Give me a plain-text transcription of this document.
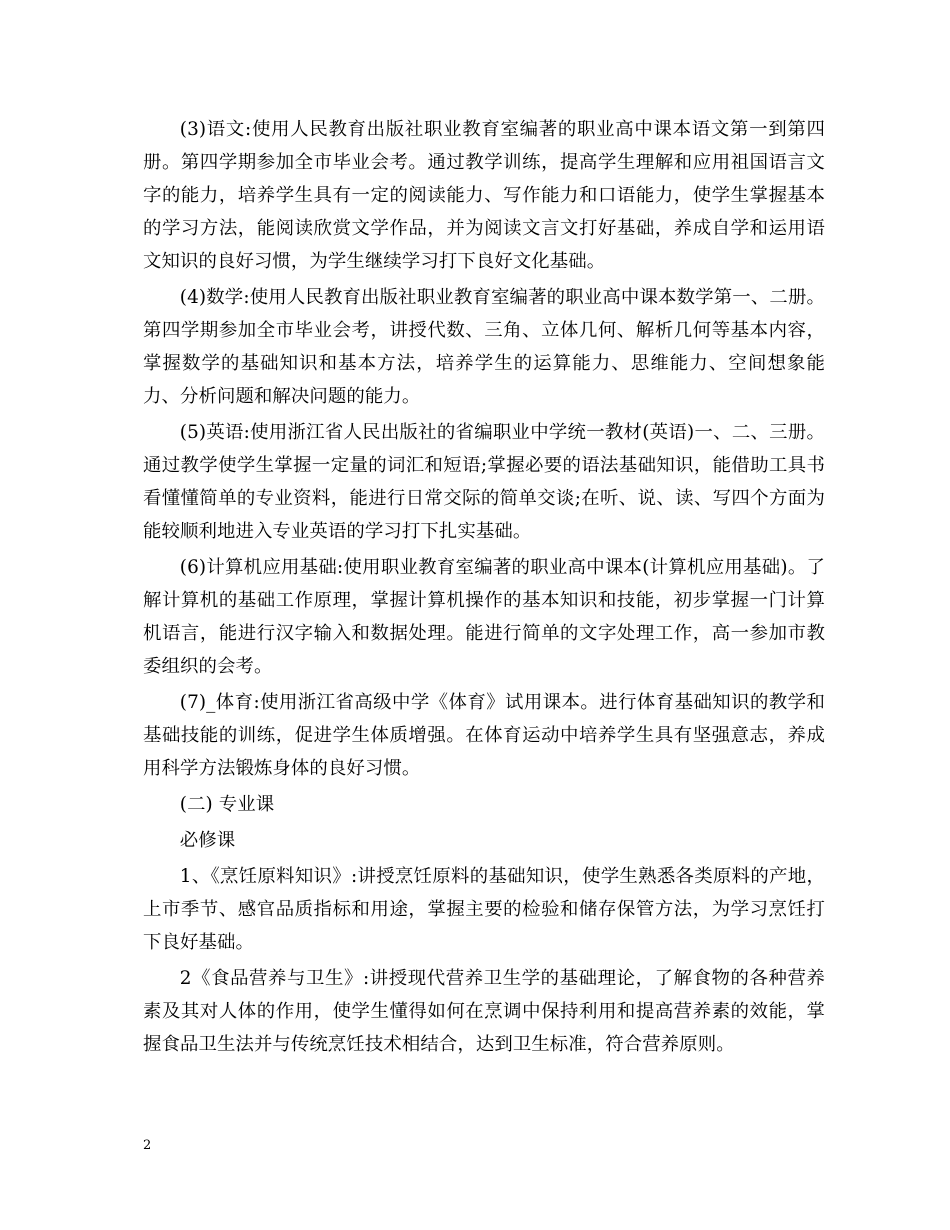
(3)语文:使用人民教育出版社职业教育室编著的职业高中课本语文第一到第四册。第四学期参加全市毕业会考。通过教学训练，提高学生理解和应用祖国语言文字的能力，培养学生具有一定的阅读能力、写作能力和口语能力，使学生掌握基本的学习方法，能阅读欣赏文学作品，并为阅读文言文打好基础，养成自学和运用语文知识的良好习惯，为学生继续学习打下良好文化基础。

(4)数学:使用人民教育出版社职业教育室编著的职业高中课本数学第一、二册。第四学期参加全市毕业会考，讲授代数、三角、立体几何、解析几何等基本内容，掌握数学的基础知识和基本方法，培养学生的运算能力、思维能力、空间想象能力、分析问题和解决问题的能力。

(5)英语:使用浙江省人民出版社的省编职业中学统一教材(英语)一、二、三册。通过教学使学生掌握一定量的词汇和短语;掌握必要的语法基础知识，能借助工具书看懂懂简单的专业资料，能进行日常交际的简单交谈;在听、说、读、写四个方面为能较顺利地进入专业英语的学习打下扎实基础。

(6)计算机应用基础:使用职业教育室编著的职业高中课本(计算机应用基础)。了解计算机的基础工作原理，掌握计算机操作的基本知识和技能，初步掌握一门计算机语言，能进行汉字输入和数据处理。能进行简单的文字处理工作，高一参加市教委组织的会考。

(7)_体育:使用浙江省高级中学《体育》试用课本。进行体育基础知识的教学和基础技能的训练，促进学生体质增强。在体育运动中培养学生具有坚强意志，养成用科学方法锻炼身体的良好习惯。

(二) 专业课

必修课

1、《烹饪原料知识》:讲授烹饪原料的基础知识，使学生熟悉各类原料的产地，上市季节、感官品质指标和用途，掌握主要的检验和储存保管方法，为学习烹饪打下良好基础。

2《食品营养与卫生》:讲授现代营养卫生学的基础理论，了解食物的各种营养素及其对人体的作用，使学生懂得如何在烹调中保持利用和提高营养素的效能，掌握食品卫生法并与传统烹饪技术相结合，达到卫生标准，符合营养原则。

2
